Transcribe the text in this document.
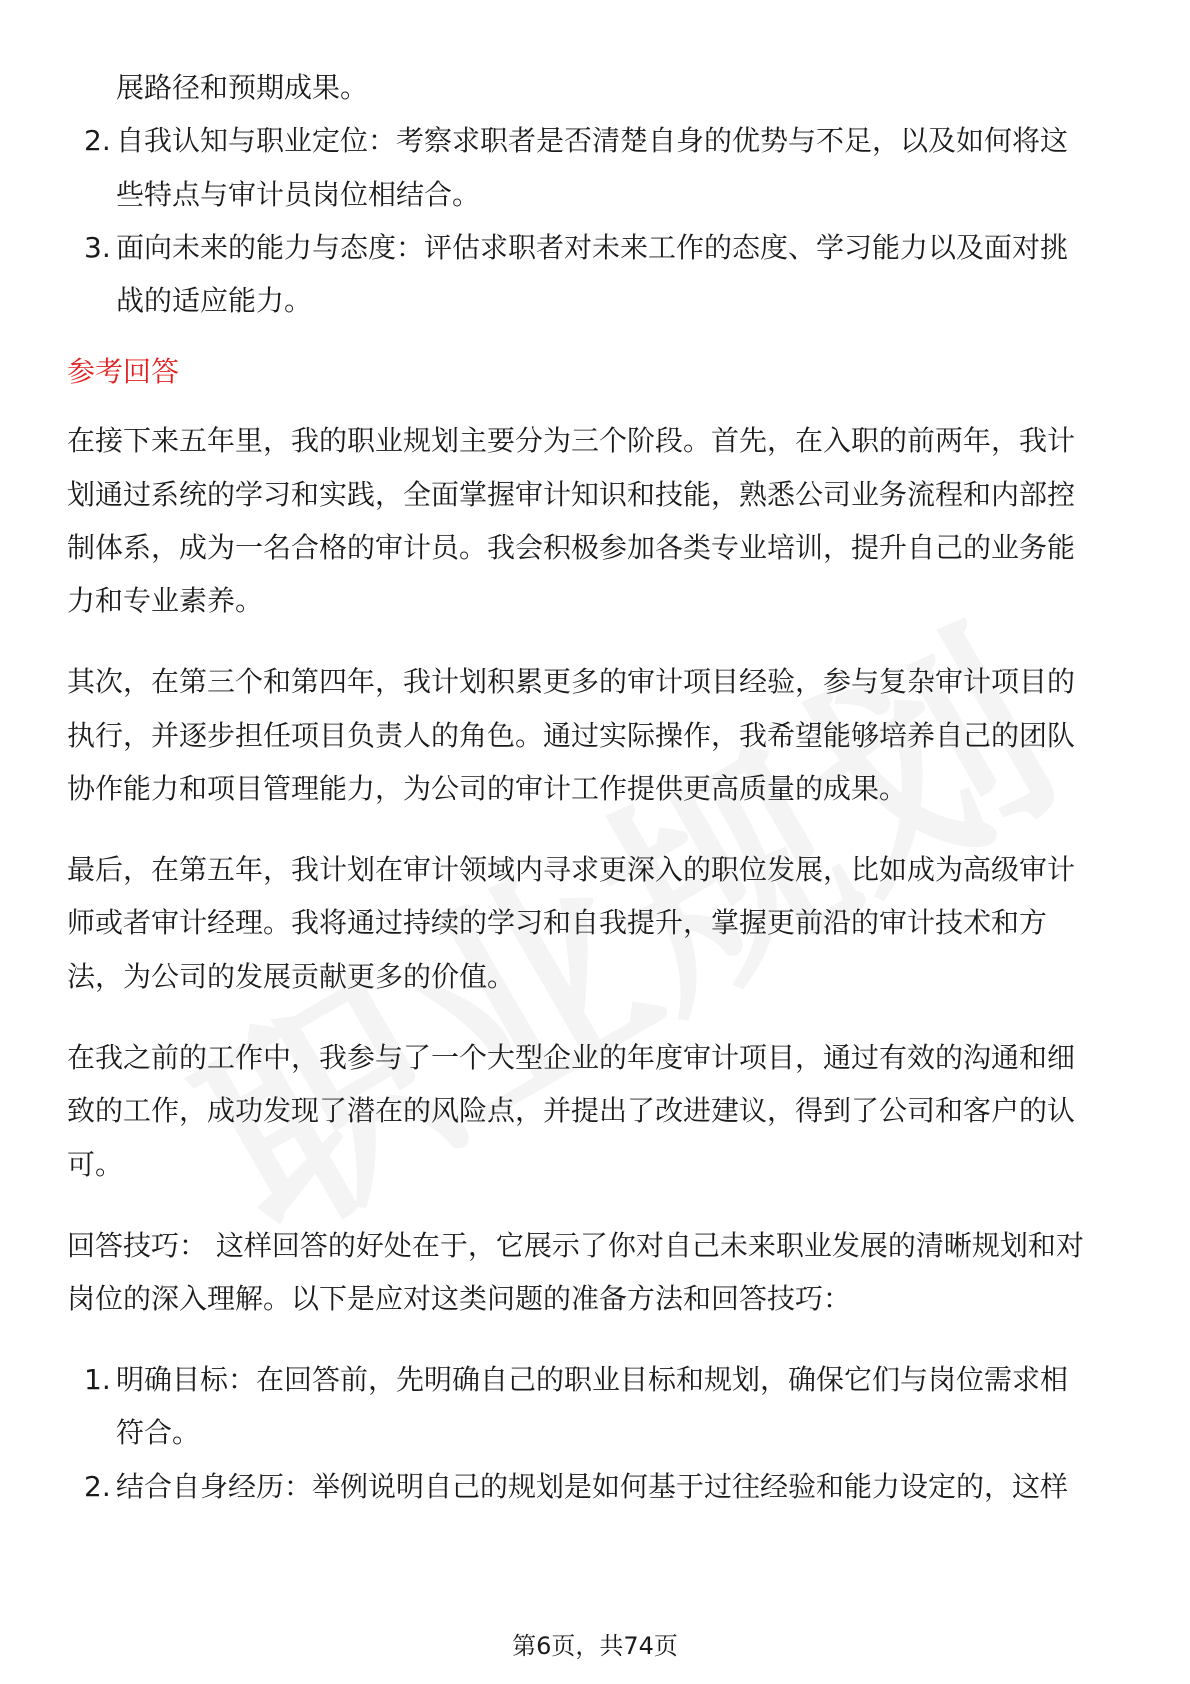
展路径和预期成果。
2. 自我认知与职业定位：考察求职者是否清楚自身的优势与不足，以及如何将这
些特点与审计员岗位相结合。
3. 面向未来的能力与态度：评估求职者对未来工作的态度、学习能力以及面对挑
战的适应能力。
参考回答
在接下来五年里，我的职业规划主要分为三个阶段。首先，在入职的前两年，我计
划通过系统的学习和实践，全面掌握审计知识和技能，熟悉公司业务流程和内部控
制体系，成为一名合格的审计员。我会积极参加各类专业培训，提升自己的业务能
力和专业素养。
其次，在第三个和第四年，我计划积累更多的审计项目经验，参与复杂审计项目的
执行，并逐步担任项目负责人的角色。通过实际操作，我希望能够培养自己的团队
协作能力和项目管理能力，为公司的审计工作提供更高质量的成果。
最后，在第五年，我计划在审计领域内寻求更深入的职位发展，比如成为高级审计
师或者审计经理。我将通过持续的学习和自我提升，掌握更前沿的审计技术和方
法，为公司的发展贡献更多的价值。
在我之前的工作中，我参与了一个大型企业的年度审计项目，通过有效的沟通和细
致的工作，成功发现了潜在的风险点，并提出了改进建议，得到了公司和客户的认
可。
回答技巧： 这样回答的好处在于，它展示了你对自己未来职业发展的清晰规划和对
岗位的深入理解。以下是应对这类问题的准备方法和回答技巧：
1. 明确目标：在回答前，先明确自己的职业目标和规划，确保它们与岗位需求相
符合。
2. 结合自身经历：举例说明自己的规划是如何基于过往经验和能力设定的，这样
第6页，共74页
